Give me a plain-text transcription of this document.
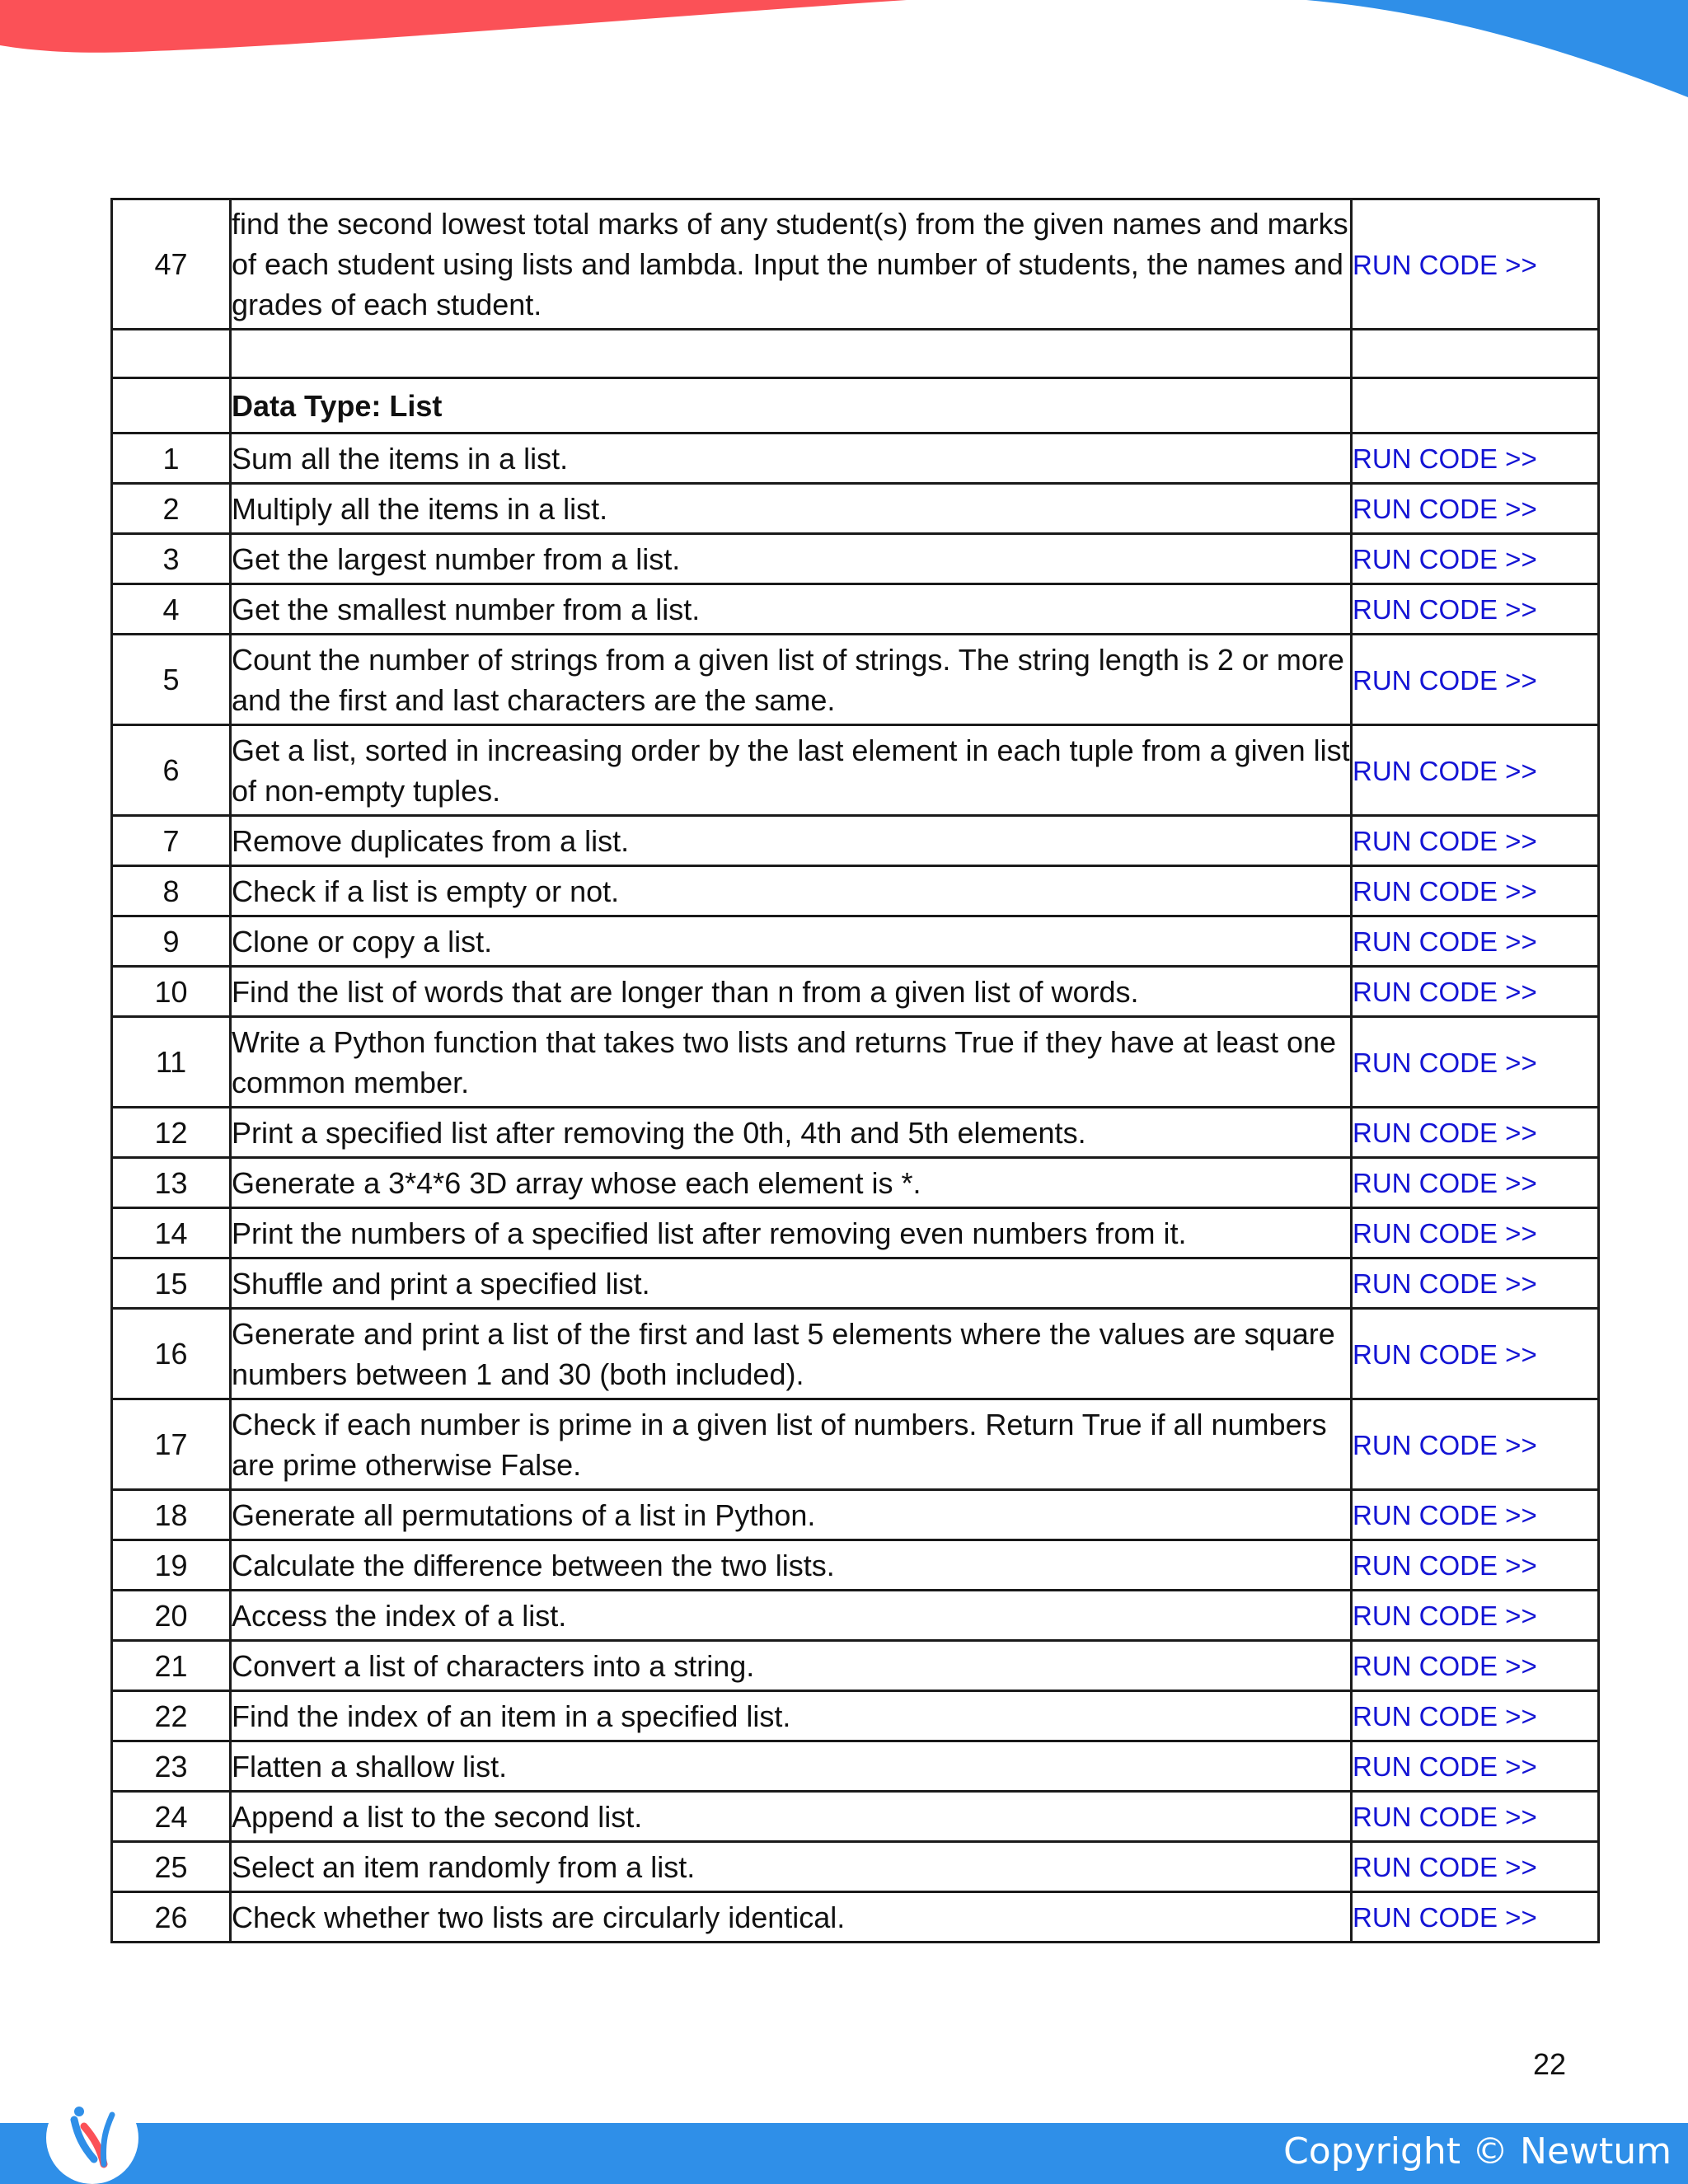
47	find the second lowest total marks of any student(s) from the given names and marks of each student using lists and lambda. Input the number of students, the names and grades of each student.	RUN CODE >>

	Data Type: List	
1	Sum all the items in a list.	RUN CODE >>
2	Multiply all the items in a list.	RUN CODE >>
3	Get the largest number from a list.	RUN CODE >>
4	Get the smallest number from a list.	RUN CODE >>
5	Count the number of strings from a given list of strings. The string length is 2 or more and the first and last characters are the same.	RUN CODE >>
6	Get a list, sorted in increasing order by the last element in each tuple from a given list of non-empty tuples.	RUN CODE >>
7	Remove duplicates from a list.	RUN CODE >>
8	Check if a list is empty or not.	RUN CODE >>
9	Clone or copy a list.	RUN CODE >>
10	Find the list of words that are longer than n from a given list of words.	RUN CODE >>
11	Write a Python function that takes two lists and returns True if they have at least one common member.	RUN CODE >>
12	Print a specified list after removing the 0th, 4th and 5th elements.	RUN CODE >>
13	Generate a 3*4*6 3D array whose each element is *.	RUN CODE >>
14	Print the numbers of a specified list after removing even numbers from it.	RUN CODE >>
15	Shuffle and print a specified list.	RUN CODE >>
16	Generate and print a list of the first and last 5 elements where the values are square numbers between 1 and 30 (both included).	RUN CODE >>
17	Check if each number is prime in a given list of numbers. Return True if all numbers are prime otherwise False.	RUN CODE >>
18	Generate all permutations of a list in Python.	RUN CODE >>
19	Calculate the difference between the two lists.	RUN CODE >>
20	Access the index of a list.	RUN CODE >>
21	Convert a list of characters into a string.	RUN CODE >>
22	Find the index of an item in a specified list.	RUN CODE >>
23	Flatten a shallow list.	RUN CODE >>
24	Append a list to the second list.	RUN CODE >>
25	Select an item randomly from a list.	RUN CODE >>
26	Check whether two lists are circularly identical.	RUN CODE >>
22
Copyright © Newtum
